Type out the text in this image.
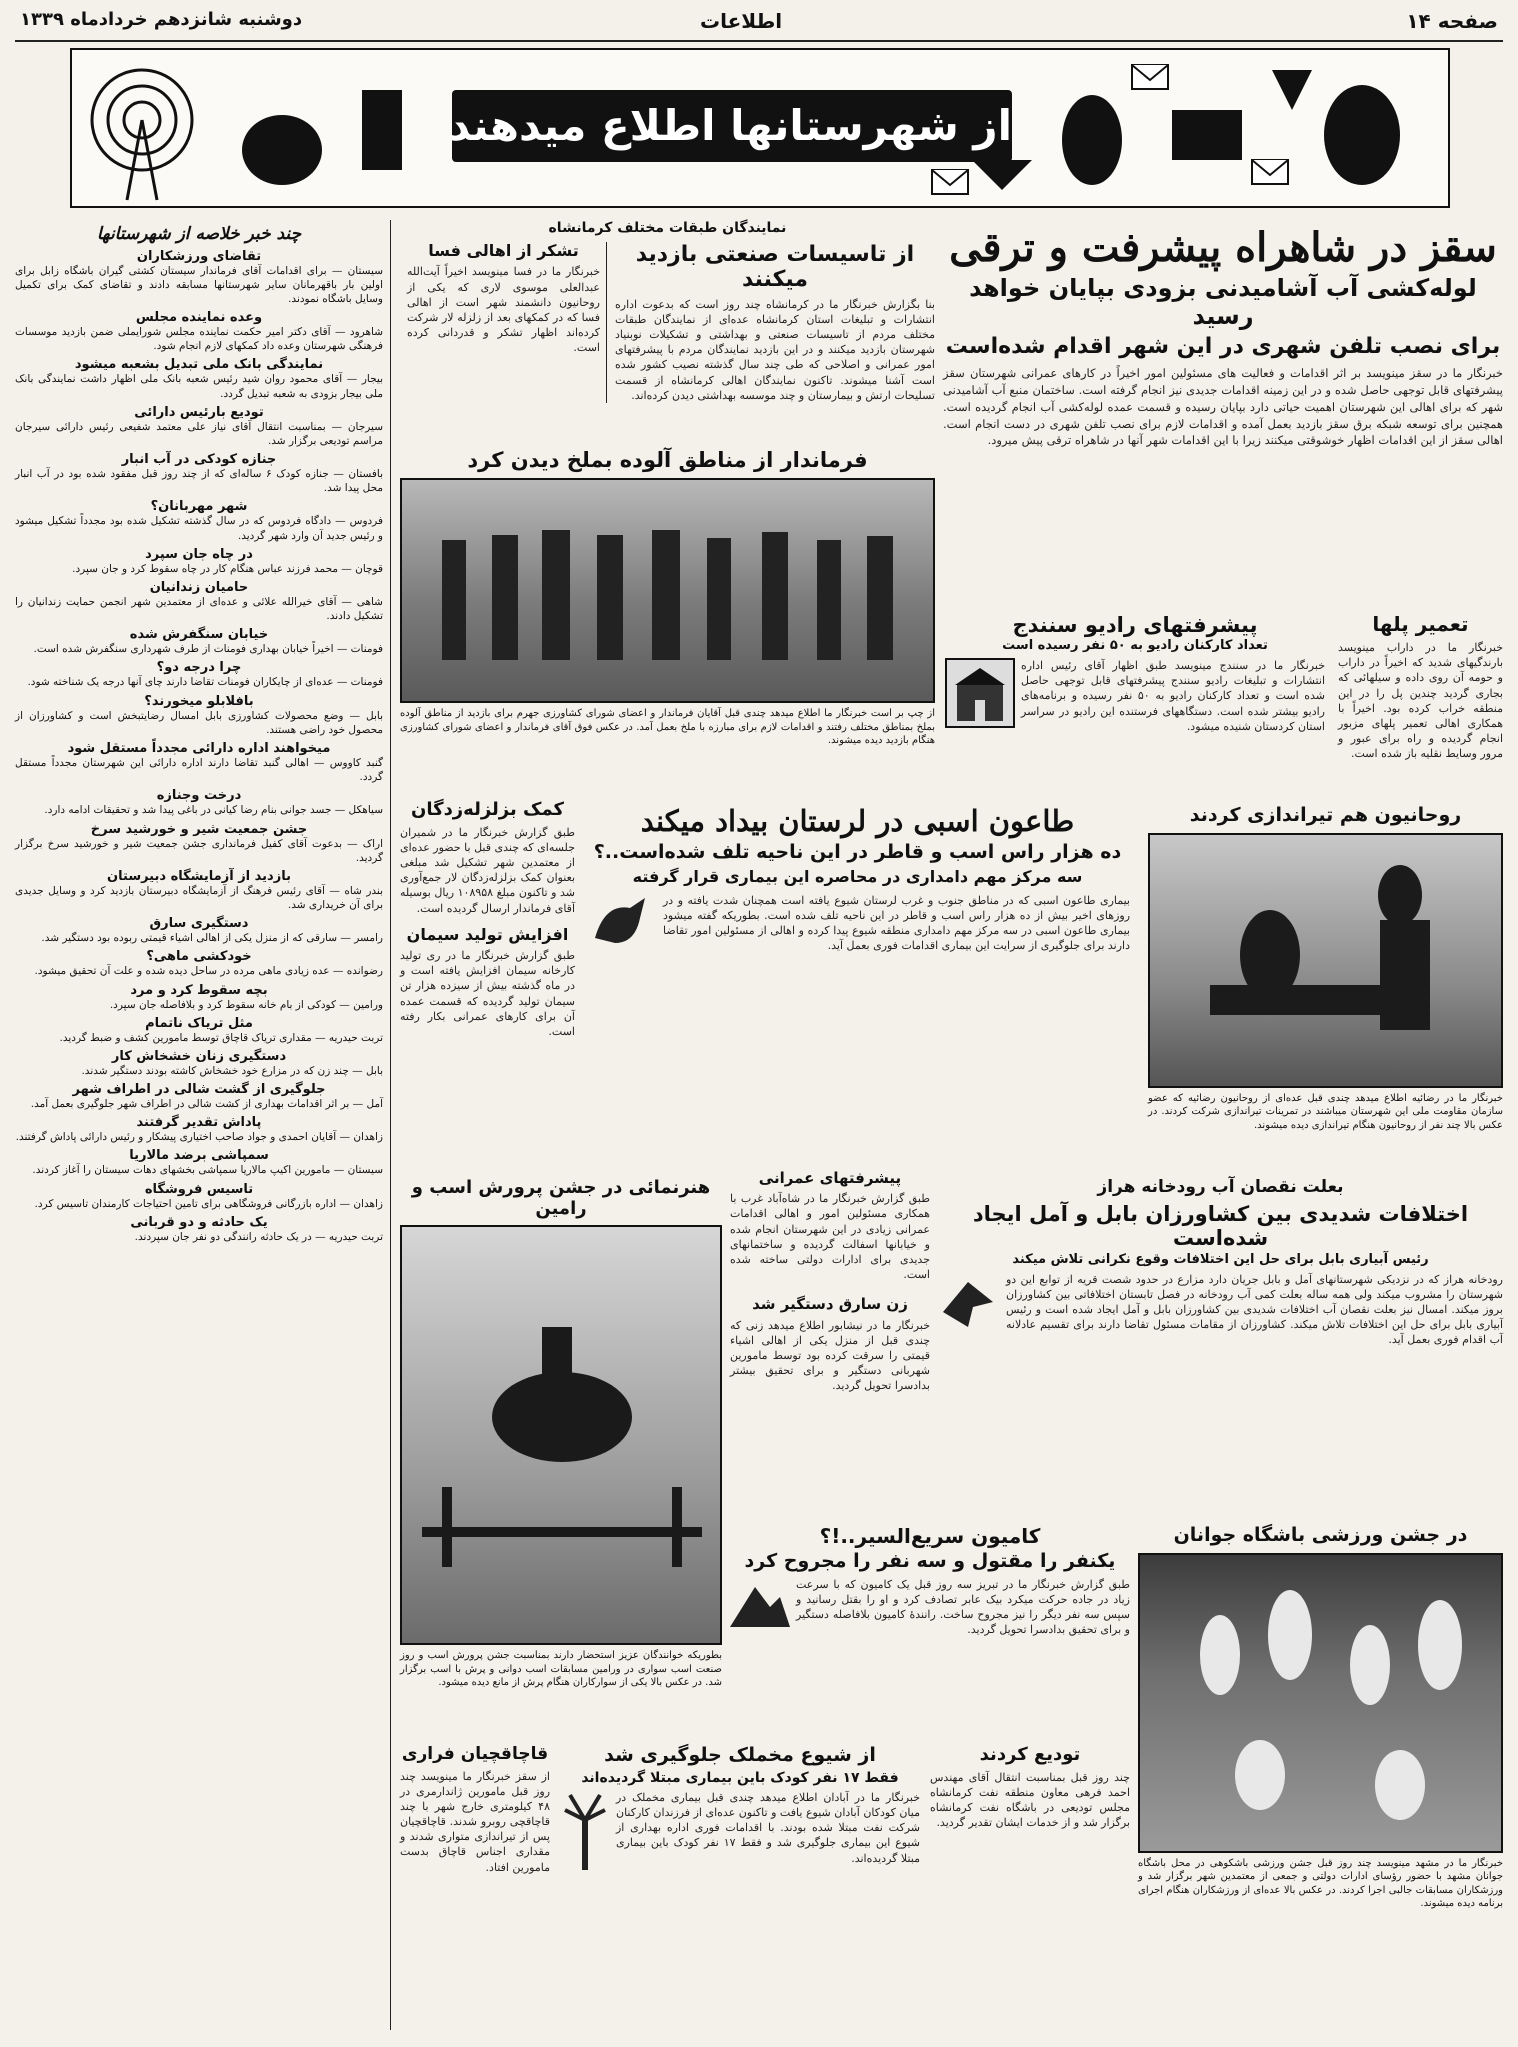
صفحه ۱۴
اطلاعات
دوشنبه شانزدهم خردادماه ۱۳۳۹
از شهرستانها اطلاع میدهند
چند خبر خلاصه از شهرستانها
تقاضای ورزشکاران

سیستان — برای اقدامات آقای فرماندار سیستان کشتی گیران باشگاه زابل برای اولین بار باقهرمانان سایر شهرستانها مسابقه دادند و تقاضای کمک برای تکمیل وسایل باشگاه نمودند.

وعده نماینده مجلس

شاهرود — آقای دکتر امیر حکمت نماینده مجلس شورایملی ضمن بازدید موسسات فرهنگی شهرستان وعده داد کمکهای لازم انجام شود.

نمایندگی بانک ملی تبدیل بشعبه میشود

بیجار — آقای محمود روان شید رئیس شعبه بانک ملی اظهار داشت نمایندگی بانک ملی بیجار بزودی به شعبه تبدیل گردد.

تودیع بارئیس دارائی

سیرجان — بمناسبت انتقال آقای نیاز علی معتمد شفیعی رئیس دارائی سیرجان مراسم تودیعی برگزار شد.

جنازه کودکی در آب انبار

بافستان — جنازه کودک ۶ ساله‌ای که از چند روز قبل مفقود شده بود در آب انبار محل پیدا شد.

شهر مهربانان؟

فردوس — دادگاه فردوس که در سال گذشته تشکیل شده بود مجدداً تشکیل میشود و رئیس جدید آن وارد شهر گردید.

در چاه جان سپرد

قوچان — محمد فرزند عباس هنگام کار در چاه سقوط کرد و جان سپرد.

حامیان زندانیان

شاهی — آقای خیرالله علائی و عده‌ای از معتمدین شهر انجمن حمایت زندانیان را تشکیل دادند.

خیابان سنگفرش شده

فومنات — اخیراً خیابان بهداری فومنات از طرف شهرداری سنگفرش شده است.

چرا درجه دو؟

فومنات — عده‌ای از چایکاران فومنات تقاضا دارند چای آنها درجه یک شناخته شود.

بافلابلو میخورند؟

بابل — وضع محصولات کشاورزی بابل امسال رضایتبخش است و کشاورزان از محصول خود راضی هستند.

میخواهند اداره دارائی مجدداً مستقل شود

گنبد کاووس — اهالی گنبد تقاضا دارند اداره دارائی این شهرستان مجدداً مستقل گردد.

درخت وجنازه

سیاهکل — جسد جوانی بنام رضا کیانی در باغی پیدا شد و تحقیقات ادامه دارد.

جشن جمعیت شیر و خورشید سرخ

اراک — بدعوت آقای کفیل فرمانداری جشن جمعیت شیر و خورشید سرخ برگزار گردید.

بازدید از آزمایشگاه دبیرستان

بندر شاه — آقای رئیس فرهنگ از آزمایشگاه دبیرستان بازدید کرد و وسایل جدیدی برای آن خریداری شد.

دستگیری سارق

رامسر — سارقی که از منزل یکی از اهالی اشیاء قیمتی ربوده بود دستگیر شد.

خودکشی ماهی؟

رضوانده — عده زیادی ماهی مرده در ساحل دیده شده و علت آن تحقیق میشود.

بچه سقوط کرد و مرد

ورامین — کودکی از بام خانه سقوط کرد و بلافاصله جان سپرد.

مثل تریاک ناتمام

تربت حیدریه — مقداری تریاک قاچاق توسط مامورین کشف و ضبط گردید.

دستگیری زنان خشخاش کار

بابل — چند زن که در مزارع خود خشخاش کاشته بودند دستگیر شدند.

جلوگیری از گشت شالی در اطراف شهر

آمل — بر اثر اقدامات بهداری از کشت شالی در اطراف شهر جلوگیری بعمل آمد.

پاداش تقدیر گرفتند

زاهدان — آقایان احمدی و جواد صاحب اختیاری پیشکار و رئیس دارائی پاداش گرفتند.

سمپاشی برضد مالاریا

سیستان — مامورین اکیپ مالاریا سمپاشی بخشهای دهات سیستان را آغاز کردند.

تاسیس فروشگاه

زاهدان — اداره بازرگانی فروشگاهی برای تامین احتیاجات کارمندان تاسیس کرد.

یک حادثه و دو قربانی

تربت حیدریه — در یک حادثه رانندگی دو نفر جان سپردند.

سقز در شاهراه پیشرفت و ترقی
لوله‌کشی آب آشامیدنی بزودی بپایان خواهد رسید
برای نصب تلفن شهری در این شهر اقدام شده‌است
خبرنگار ما در سقز مینویسد بر اثر اقدامات و فعالیت های مسئولین امور اخیراً در کارهای عمرانی شهرستان سقز پیشرفتهای قابل توجهی حاصل شده و در این زمینه اقدامات جدیدی نیز انجام گرفته است. ساختمان منبع آب آشامیدنی شهر که برای اهالی این شهرستان اهمیت حیاتی دارد بپایان رسیده و قسمت عمده لوله‌کشی آب انجام گردیده است. همچنین برای توسعه شبکه برق سقز بازدید بعمل آمده و اقدامات لازم برای نصب تلفن شهری در دست انجام است. اهالی سقز از این اقدامات اظهار خوشوقتی میکنند زیرا با این اقدامات شهر آنها در شاهراه ترقی پیش میرود.
نمایندگان طبقات مختلف کرمانشاه
از تاسیسات صنعتی بازدید میکنند
بنا بگزارش خبرنگار ما در کرمانشاه چند روز است که بدعوت اداره انتشارات و تبلیغات استان کرمانشاه عده‌ای از نمایندگان طبقات مختلف مردم از تاسیسات صنعتی و بهداشتی و تشکیلات نوبنیاد شهرستان بازدید میکنند و در این بازدید نمایندگان مردم با پیشرفتهای امور عمرانی و اصلاحی که طی چند سال گذشته نصیب کشور شده است آشنا میشوند. تاکنون نمایندگان اهالی کرمانشاه از قسمت تسلیحات ارتش و بیمارستان و چند موسسه بهداشتی دیدن کرده‌اند.
تشکر از اهالی فسا
خبرنگار ما در فسا مینویسد اخیراً آیت‌الله عبدالعلی موسوی لاری که یکی از روحانیون دانشمند شهر است از اهالی فسا که در کمکهای بعد از زلزله لار شرکت کرده‌اند اظهار تشکر و قدردانی کرده است.
فرماندار از مناطق آلوده بملخ دیدن کرد
از چپ بر است خبرنگار ما اطلاع میدهد چندی قبل آقایان فرماندار و اعضای شورای کشاورزی جهرم برای بازدید از مناطق آلوده بملخ بمناطق مختلف رفتند و اقدامات لازم برای مبارزه با ملخ بعمل آمد. در عکس فوق آقای فرماندار و اعضای شورای کشاورزی هنگام بازدید دیده میشوند.
پیشرفتهای رادیو سنندج
تعداد کارکنان رادیو به ۵۰ نفر رسیده است
خبرنگار ما در سنندج مینویسد طبق اظهار آقای رئیس اداره انتشارات و تبلیغات رادیو سنندج پیشرفتهای قابل توجهی حاصل شده است و تعداد کارکنان رادیو به ۵۰ نفر رسیده و برنامه‌های رادیو بیشتر شده است. دستگاههای فرستنده این رادیو در سراسر استان کردستان شنیده میشود.
تعمیر پلها
خبرنگار ما در داراب مینویسد بارندگیهای شدید که اخیراً در داراب و حومه آن روی داده و سیلهائی که بجاری گردید چندین پل را در این منطقه خراب کرده بود. اخیراً با همکاری اهالی تعمیر پلهای مزبور انجام گردیده و راه برای عبور و مرور وسایط نقلیه باز شده است.
طاعون اسبی در لرستان بیداد میکند
ده هزار راس اسب و قاطر در این ناحیه تلف شده‌است..؟
سه مرکز مهم دامداری در محاصره این بیماری قرار گرفته
بیماری طاعون اسبی که در مناطق جنوب و غرب لرستان شیوع یافته است همچنان شدت یافته و در روزهای اخیر بیش از ده هزار راس اسب و قاطر در این ناحیه تلف شده است. بطوریکه گفته میشود بیماری طاعون اسبی در سه مرکز مهم دامداری منطقه شیوع پیدا کرده و اهالی از مسئولین امور تقاضا دارند برای جلوگیری از سرایت این بیماری اقدامات فوری بعمل آید.
کمک بزلزله‌زدگان
طبق گزارش خبرنگار ما در شمیران جلسه‌ای که چندی قبل با حضور عده‌ای از معتمدین شهر تشکیل شد مبلغی بعنوان کمک بزلزله‌زدگان لار جمع‌آوری شد و تاکنون مبلغ ۱۰۸۹۵۸ ریال بوسیله آقای فرماندار ارسال گردیده است.
افزایش تولید سیمان
طبق گزارش خبرنگار ما در ری تولید کارخانه سیمان افزایش یافته است و در ماه گذشته بیش از سیزده هزار تن سیمان تولید گردیده که قسمت عمده آن برای کارهای عمرانی بکار رفته است.
روحانیون هم تیراندازی کردند
خبرنگار ما در رضائیه اطلاع میدهد چندی قبل عده‌ای از روحانیون رضائیه که عضو سازمان مقاومت ملی این شهرستان میباشند در تمرینات تیراندازی شرکت کردند. در عکس بالا چند نفر از روحانیون هنگام تیراندازی دیده میشوند.
هنرنمائی در جشن پرورش اسب و رامین
بطوریکه خوانندگان عزیز استحضار دارند بمناسبت جشن پرورش اسب و روز صنعت اسب سواری در ورامین مسابقات اسب دوانی و پرش با اسب برگزار شد. در عکس بالا یکی از سوارکاران هنگام پرش از مانع دیده میشود.
پیشرفتهای عمرانی
طبق گزارش خبرنگار ما در شاه‌آباد غرب با همکاری مسئولین امور و اهالی اقدامات عمرانی زیادی در این شهرستان انجام شده و خیابانها اسفالت گردیده و ساختمانهای جدیدی برای ادارات دولتی ساخته شده است.
زن سارق دستگیر شد
خبرنگار ما در نیشابور اطلاع میدهد زنی که چندی قبل از منزل یکی از اهالی اشیاء قیمتی را سرقت کرده بود توسط مامورین شهربانی دستگیر و برای تحقیق بیشتر بدادسرا تحویل گردید.
بعلت نقصان آب رودخانه هراز
اختلافات شدیدی بین کشاورزان بابل و آمل ایجاد شده‌است
رئیس آبیاری بابل برای حل این اختلافات وقوع نکرانی تلاش میکند
رودخانه هراز که در نزدیکی شهرستانهای آمل و بابل جریان دارد مزارع در حدود شصت قریه از توابع این دو شهرستان را مشروب میکند ولی همه ساله بعلت کمی آب رودخانه در فصل تابستان اختلافاتی بین کشاورزان بروز میکند. امسال نیز بعلت نقصان آب اختلافات شدیدی بین کشاورزان بابل و آمل ایجاد شده است و رئیس آبیاری بابل برای حل این اختلافات تلاش میکند. کشاورزان از مقامات مسئول تقاضا دارند برای تقسیم عادلانه آب اقدام فوری بعمل آید.
کامیون سریع‌السیر..!؟
یکنفر را مقتول و سه نفر را مجروح کرد
طبق گزارش خبرنگار ما در تبریز سه روز قبل یک کامیون که با سرعت زیاد در جاده حرکت میکرد بیک عابر تصادف کرد و او را بقتل رسانید و سپس سه نفر دیگر را نیز مجروح ساخت. رانندهٔ کامیون بلافاصله دستگیر و برای تحقیق بدادسرا تحویل گردید.
در جشن ورزشی باشگاه جوانان
خبرنگار ما در مشهد مینویسد چند روز قبل جشن ورزشی باشکوهی در محل باشگاه جوانان مشهد با حضور رؤسای ادارات دولتی و جمعی از معتمدین شهر برگزار شد و ورزشکاران مسابقات جالبی اجرا کردند. در عکس بالا عده‌ای از ورزشکاران هنگام اجرای برنامه دیده میشوند.
تودیع کردند
چند روز قبل بمناسبت انتقال آقای مهندس احمد فرهی معاون منطقه نفت کرمانشاه مجلس تودیعی در باشگاه نفت کرمانشاه برگزار شد و از خدمات ایشان تقدیر گردید.
از شیوع مخملک جلوگیری شد
فقط ۱۷ نفر کودک باین بیماری مبتلا گردیده‌اند
خبرنگار ما در آبادان اطلاع میدهد چندی قبل بیماری مخملک در میان کودکان آبادان شیوع یافت و تاکنون عده‌ای از فرزندان کارکنان شرکت نفت مبتلا شده بودند. با اقدامات فوری اداره بهداری از شیوع این بیماری جلوگیری شد و فقط ۱۷ نفر کودک باین بیماری مبتلا گردیده‌اند.
قاچاقچیان فراری
از سقز خبرنگار ما مینویسد چند روز قبل مامورین ژاندارمری در ۴۸ کیلومتری خارج شهر با چند قاچاقچی روبرو شدند. قاچاقچیان پس از تیراندازی متواری شدند و مقداری اجناس قاچاق بدست مامورین افتاد.
